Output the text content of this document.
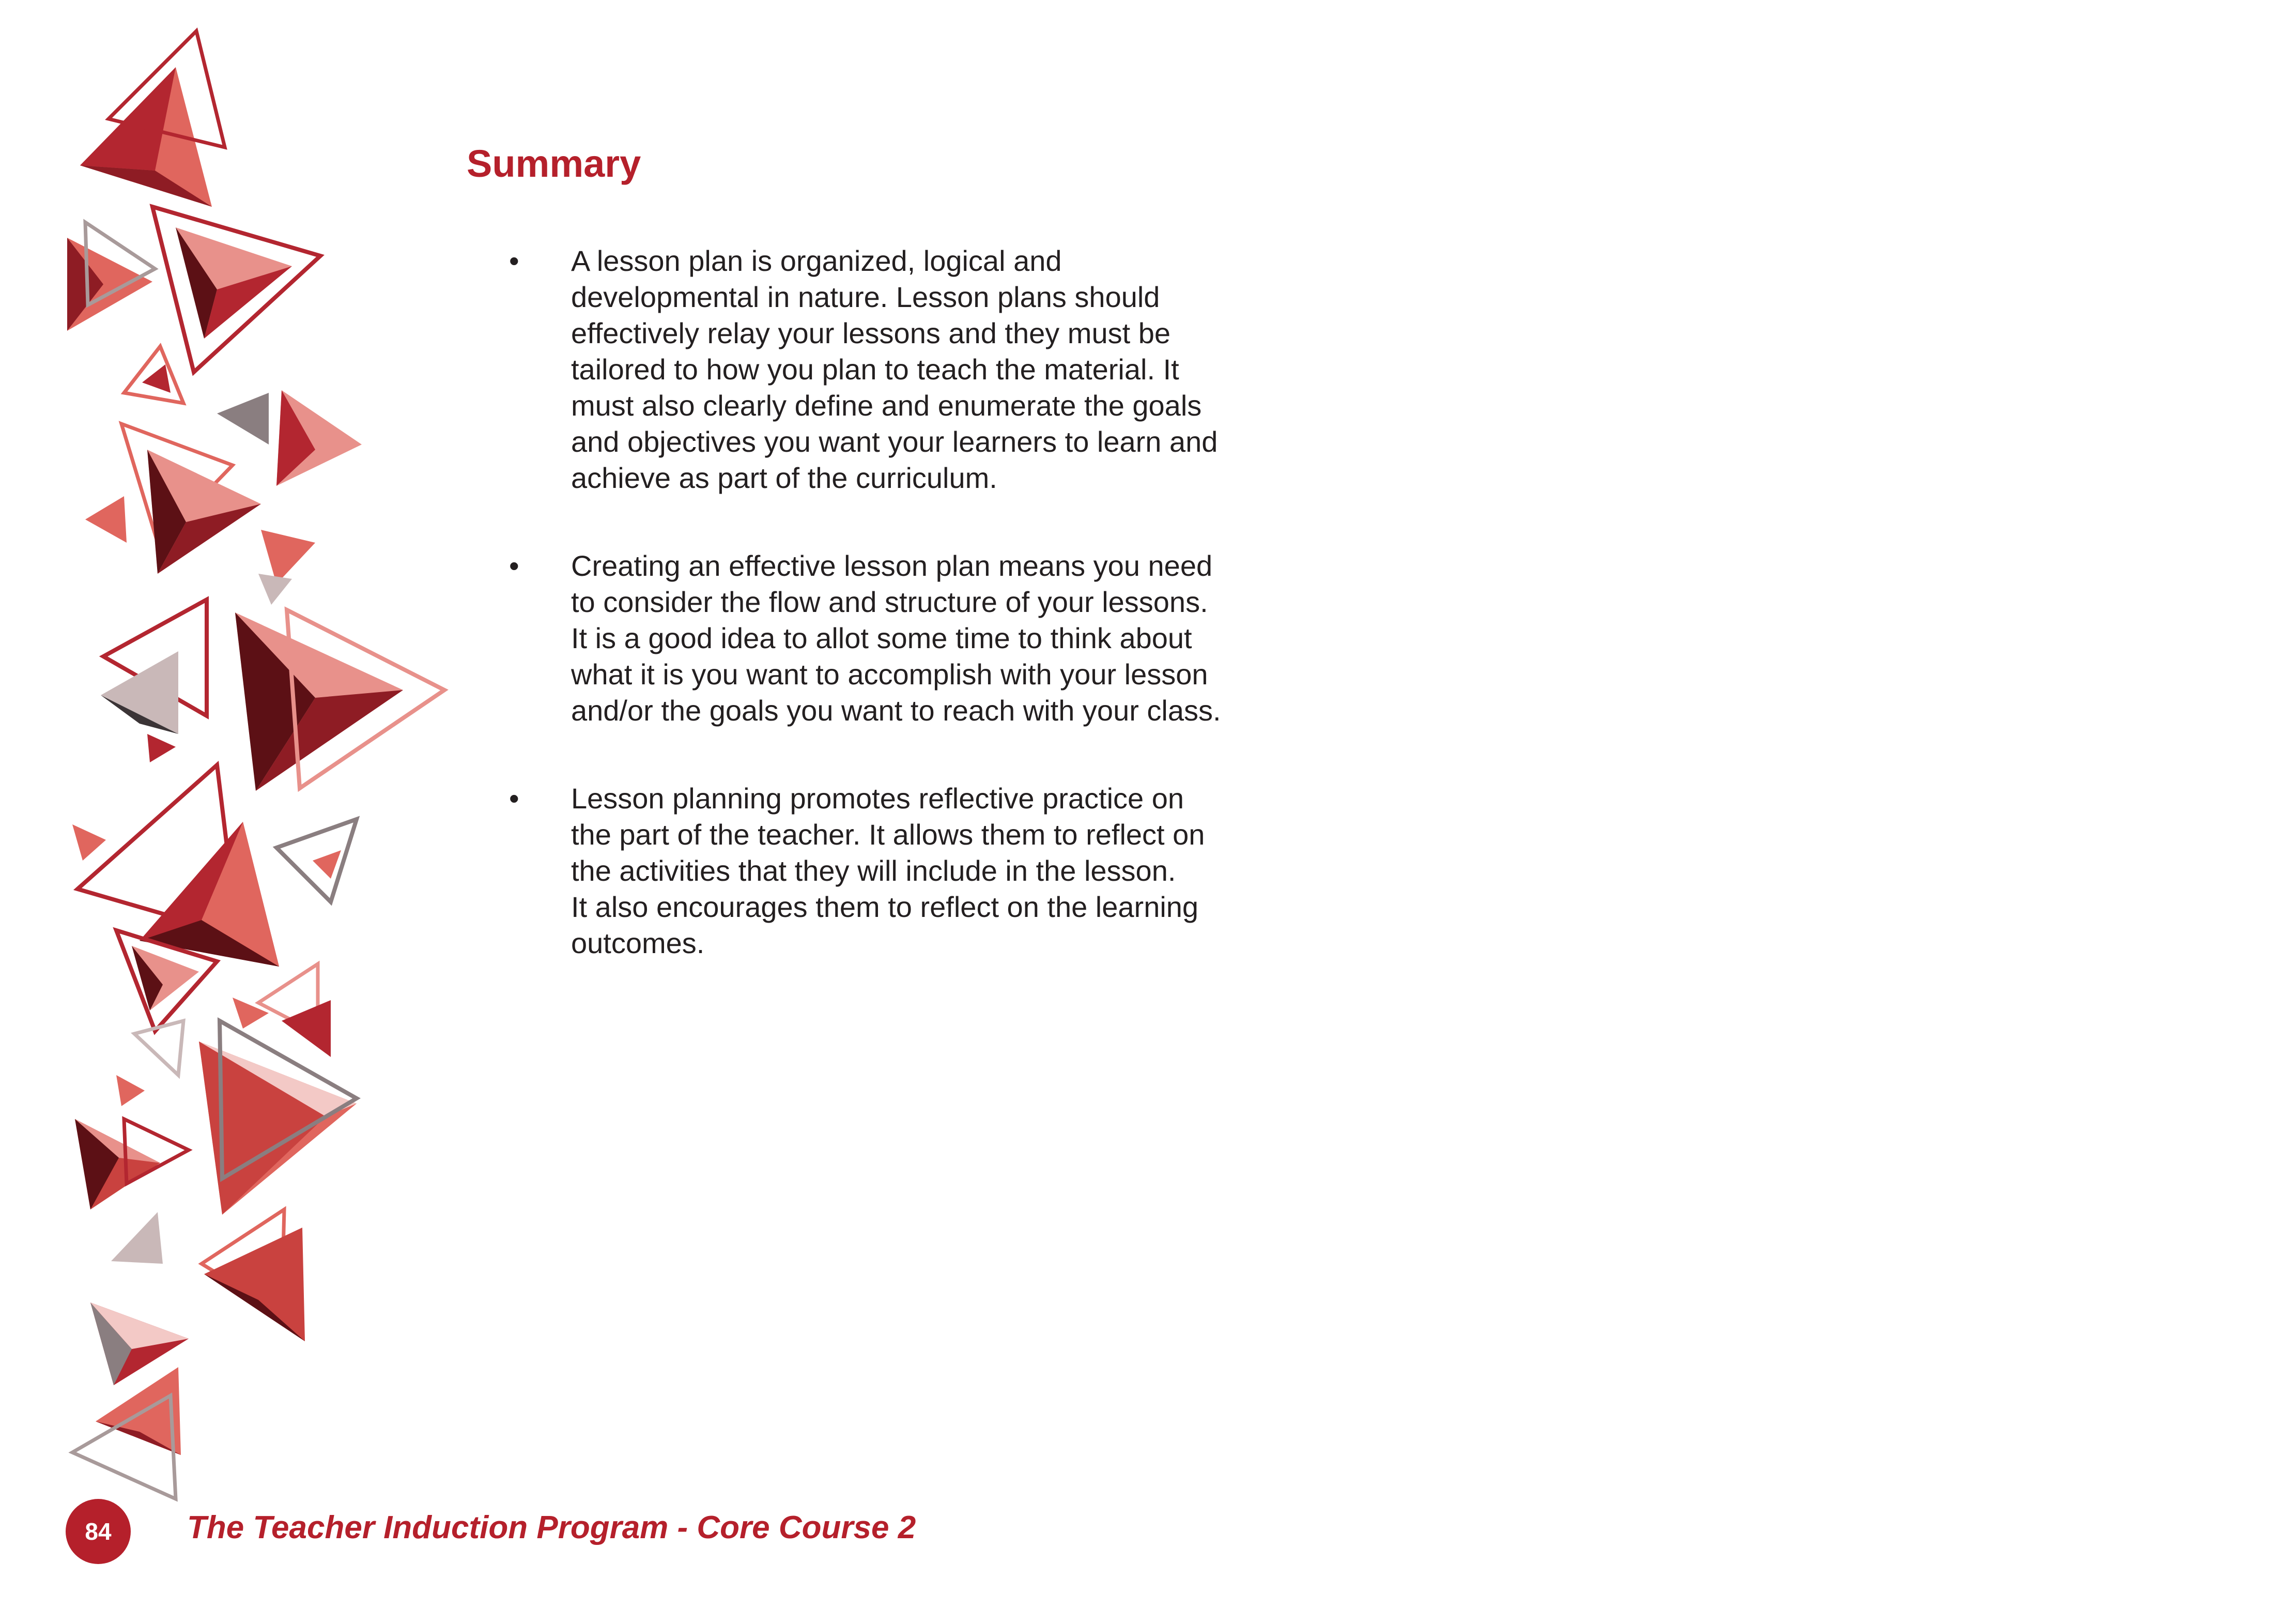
Summary
• A lesson plan is organized, logical and
developmental in nature. Lesson plans should
effectively relay your lessons and they must be
tailored to how you plan to teach the material. It
must also clearly define and enumerate the goals
and objectives you want your learners to learn and
achieve as part of the curriculum.
• Creating an effective lesson plan means you need
to consider the flow and structure of your lessons.
It is a good idea to allot some time to think about
what it is you want to accomplish with your lesson
and/or the goals you want to reach with your class.
• Lesson planning promotes reflective practice on
the part of the teacher. It allows them to reflect on
the activities that they will include in the lesson.
It also encourages them to reflect on the learning
outcomes.
84	The Teacher Induction Program - Core Course 2
